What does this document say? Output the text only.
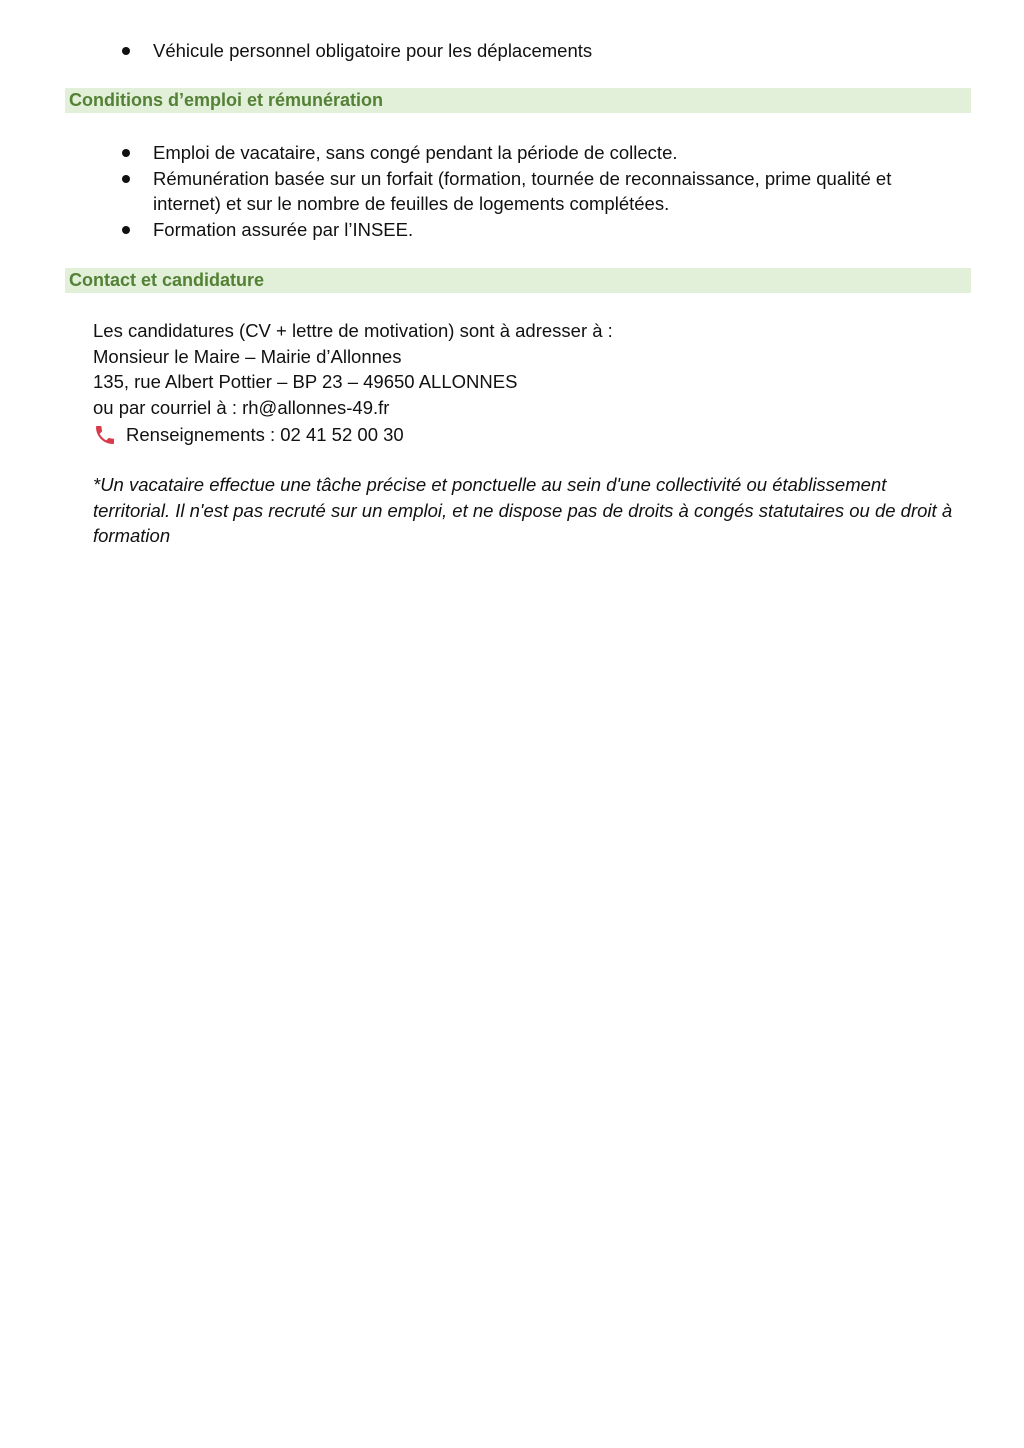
Véhicule personnel obligatoire pour les déplacements
Conditions d’emploi et rémunération
Emploi de vacataire, sans congé pendant la période de collecte.
Rémunération basée sur un forfait (formation, tournée de reconnaissance, prime qualité et internet) et sur le nombre de feuilles de logements complétées.
Formation assurée par l’INSEE.
Contact et candidature
Les candidatures (CV + lettre de motivation) sont à adresser à :
Monsieur le Maire – Mairie d’Allonnes
135, rue Albert Pottier – BP 23 – 49650 ALLONNES
ou par courriel à : rh@allonnes-49.fr
Renseignements : 02 41 52 00 30

*Un vacataire effectue une tâche précise et ponctuelle au sein d'une collectivité ou établissement territorial. Il n'est pas recruté sur un emploi, et ne dispose pas de droits à congés statutaires ou de droit à formation
